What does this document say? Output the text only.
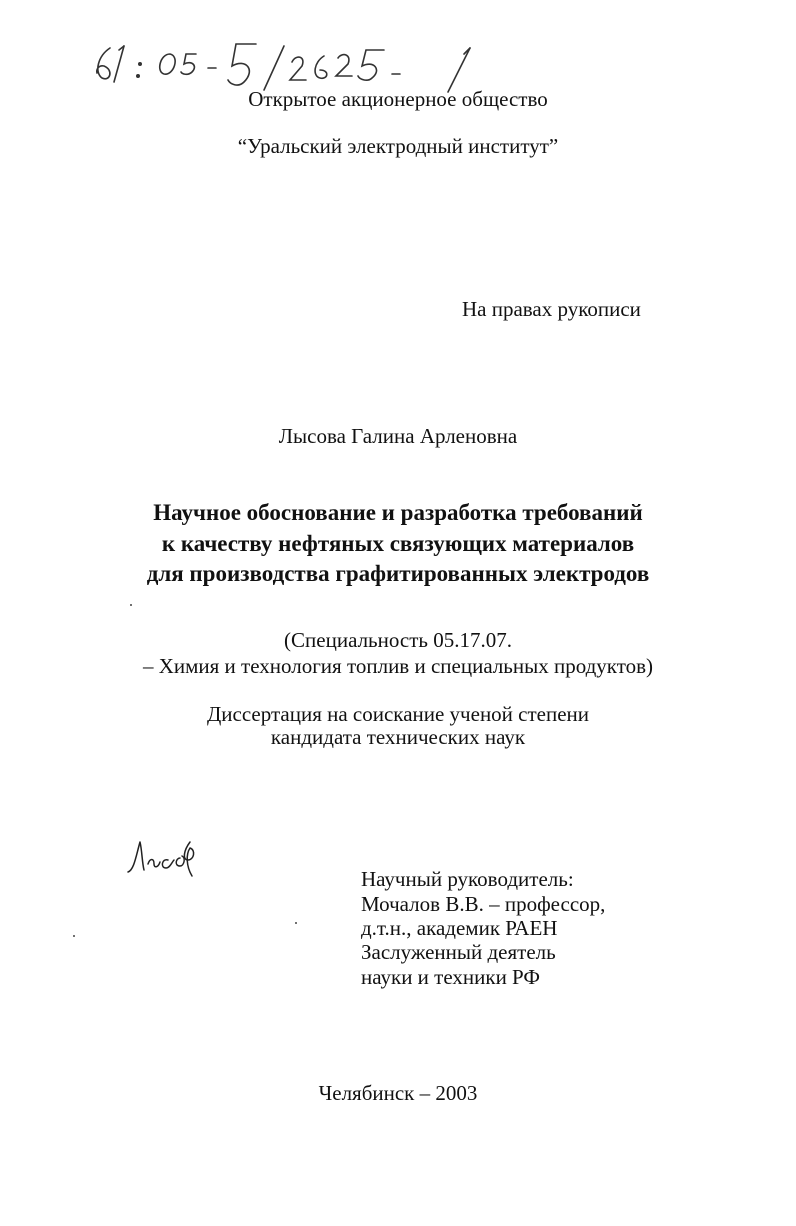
Открытое акционерное общество
“Уральский электродный институт”
На правах рукописи
Лысова Галина Арленовна
Научное обоснование и разработка требований
к качеству нефтяных связующих материалов
для производства графитированных электродов
(Специальность 05.17.07.
– Химия и технология топлив и специальных продуктов)
Диссертация на соискание ученой степени
кандидата технических наук
Научный руководитель:
Мочалов В.В. – профессор,
д.т.н., академик РАЕН
Заслуженный деятель
науки и техники РФ
Челябинск – 2003
